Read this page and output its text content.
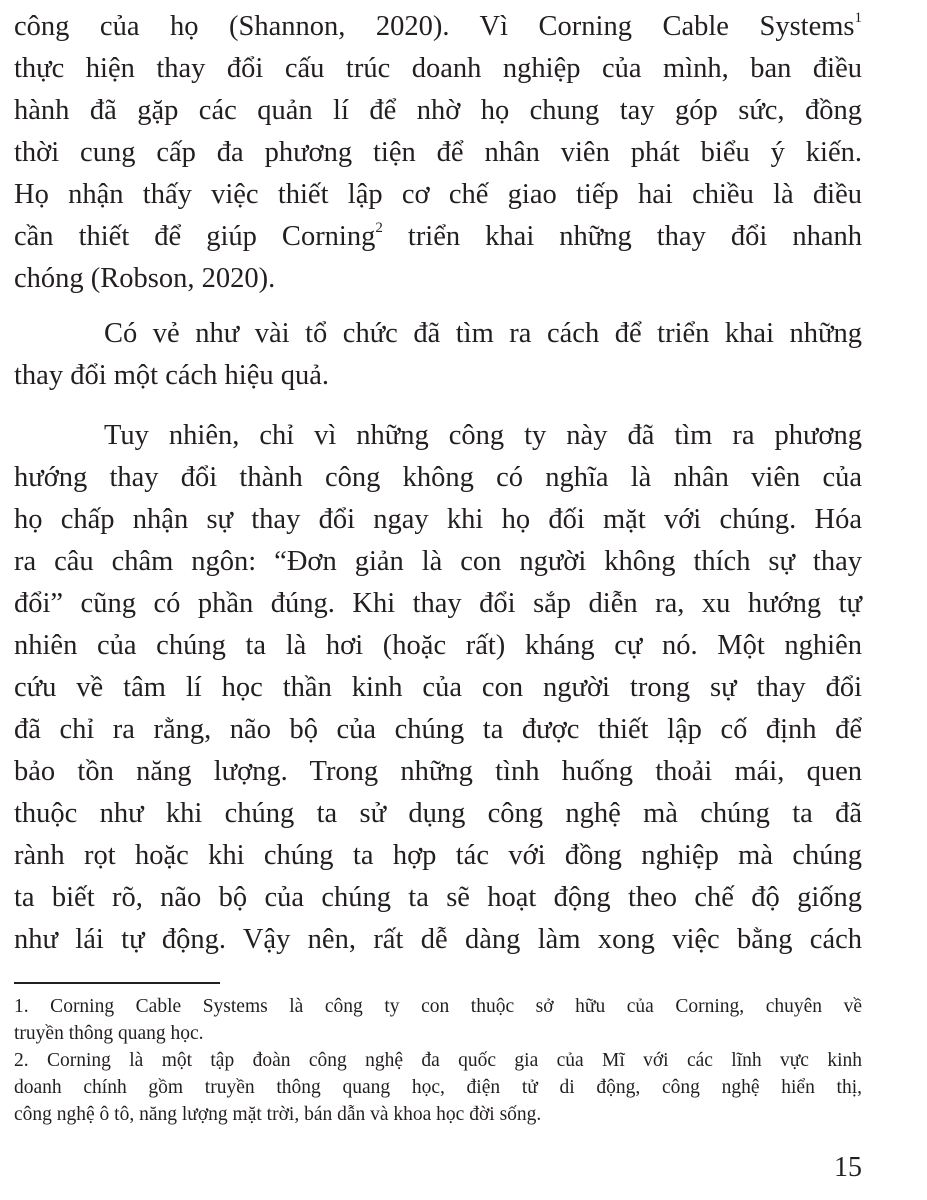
công của họ (Shannon, 2020). Vì Corning Cable Systems$^1$
thực hiện thay đổi cấu trúc doanh nghiệp của mình, ban điều
hành đã gặp các quản lí để nhờ họ chung tay góp sức, đồng
thời cung cấp đa phương tiện để nhân viên phát biểu ý kiến.
Họ nhận thấy việc thiết lập cơ chế giao tiếp hai chiều là điều
cần thiết để giúp Corning$^2$ triển khai những thay đổi nhanh
chóng (Robson, 2020).
Có vẻ như vài tổ chức đã tìm ra cách để triển khai những
thay đổi một cách hiệu quả.
Tuy nhiên, chỉ vì những công ty này đã tìm ra phương
hướng thay đổi thành công không có nghĩa là nhân viên của
họ chấp nhận sự thay đổi ngay khi họ đối mặt với chúng. Hóa
ra câu châm ngôn: “Đơn giản là con người không thích sự thay
đổi” cũng có phần đúng. Khi thay đổi sắp diễn ra, xu hướng tự
nhiên của chúng ta là hơi (hoặc rất) kháng cự nó. Một nghiên
cứu về tâm lí học thần kinh của con người trong sự thay đổi
đã chỉ ra rằng, não bộ của chúng ta được thiết lập cố định để
bảo tồn năng lượng. Trong những tình huống thoải mái, quen
thuộc như khi chúng ta sử dụng công nghệ mà chúng ta đã
rành rọt hoặc khi chúng ta hợp tác với đồng nghiệp mà chúng
ta biết rõ, não bộ của chúng ta sẽ hoạt động theo chế độ giống
như lái tự động. Vậy nên, rất dễ dàng làm xong việc bằng cách
1. Corning Cable Systems là công ty con thuộc sở hữu của Corning, chuyên về
truyền thông quang học.
2. Corning là một tập đoàn công nghệ đa quốc gia của Mĩ với các lĩnh vực kinh
doanh chính gồm truyền thông quang học, điện tử di động, công nghệ hiển thị,
công nghệ ô tô, năng lượng mặt trời, bán dẫn và khoa học đời sống.
15
